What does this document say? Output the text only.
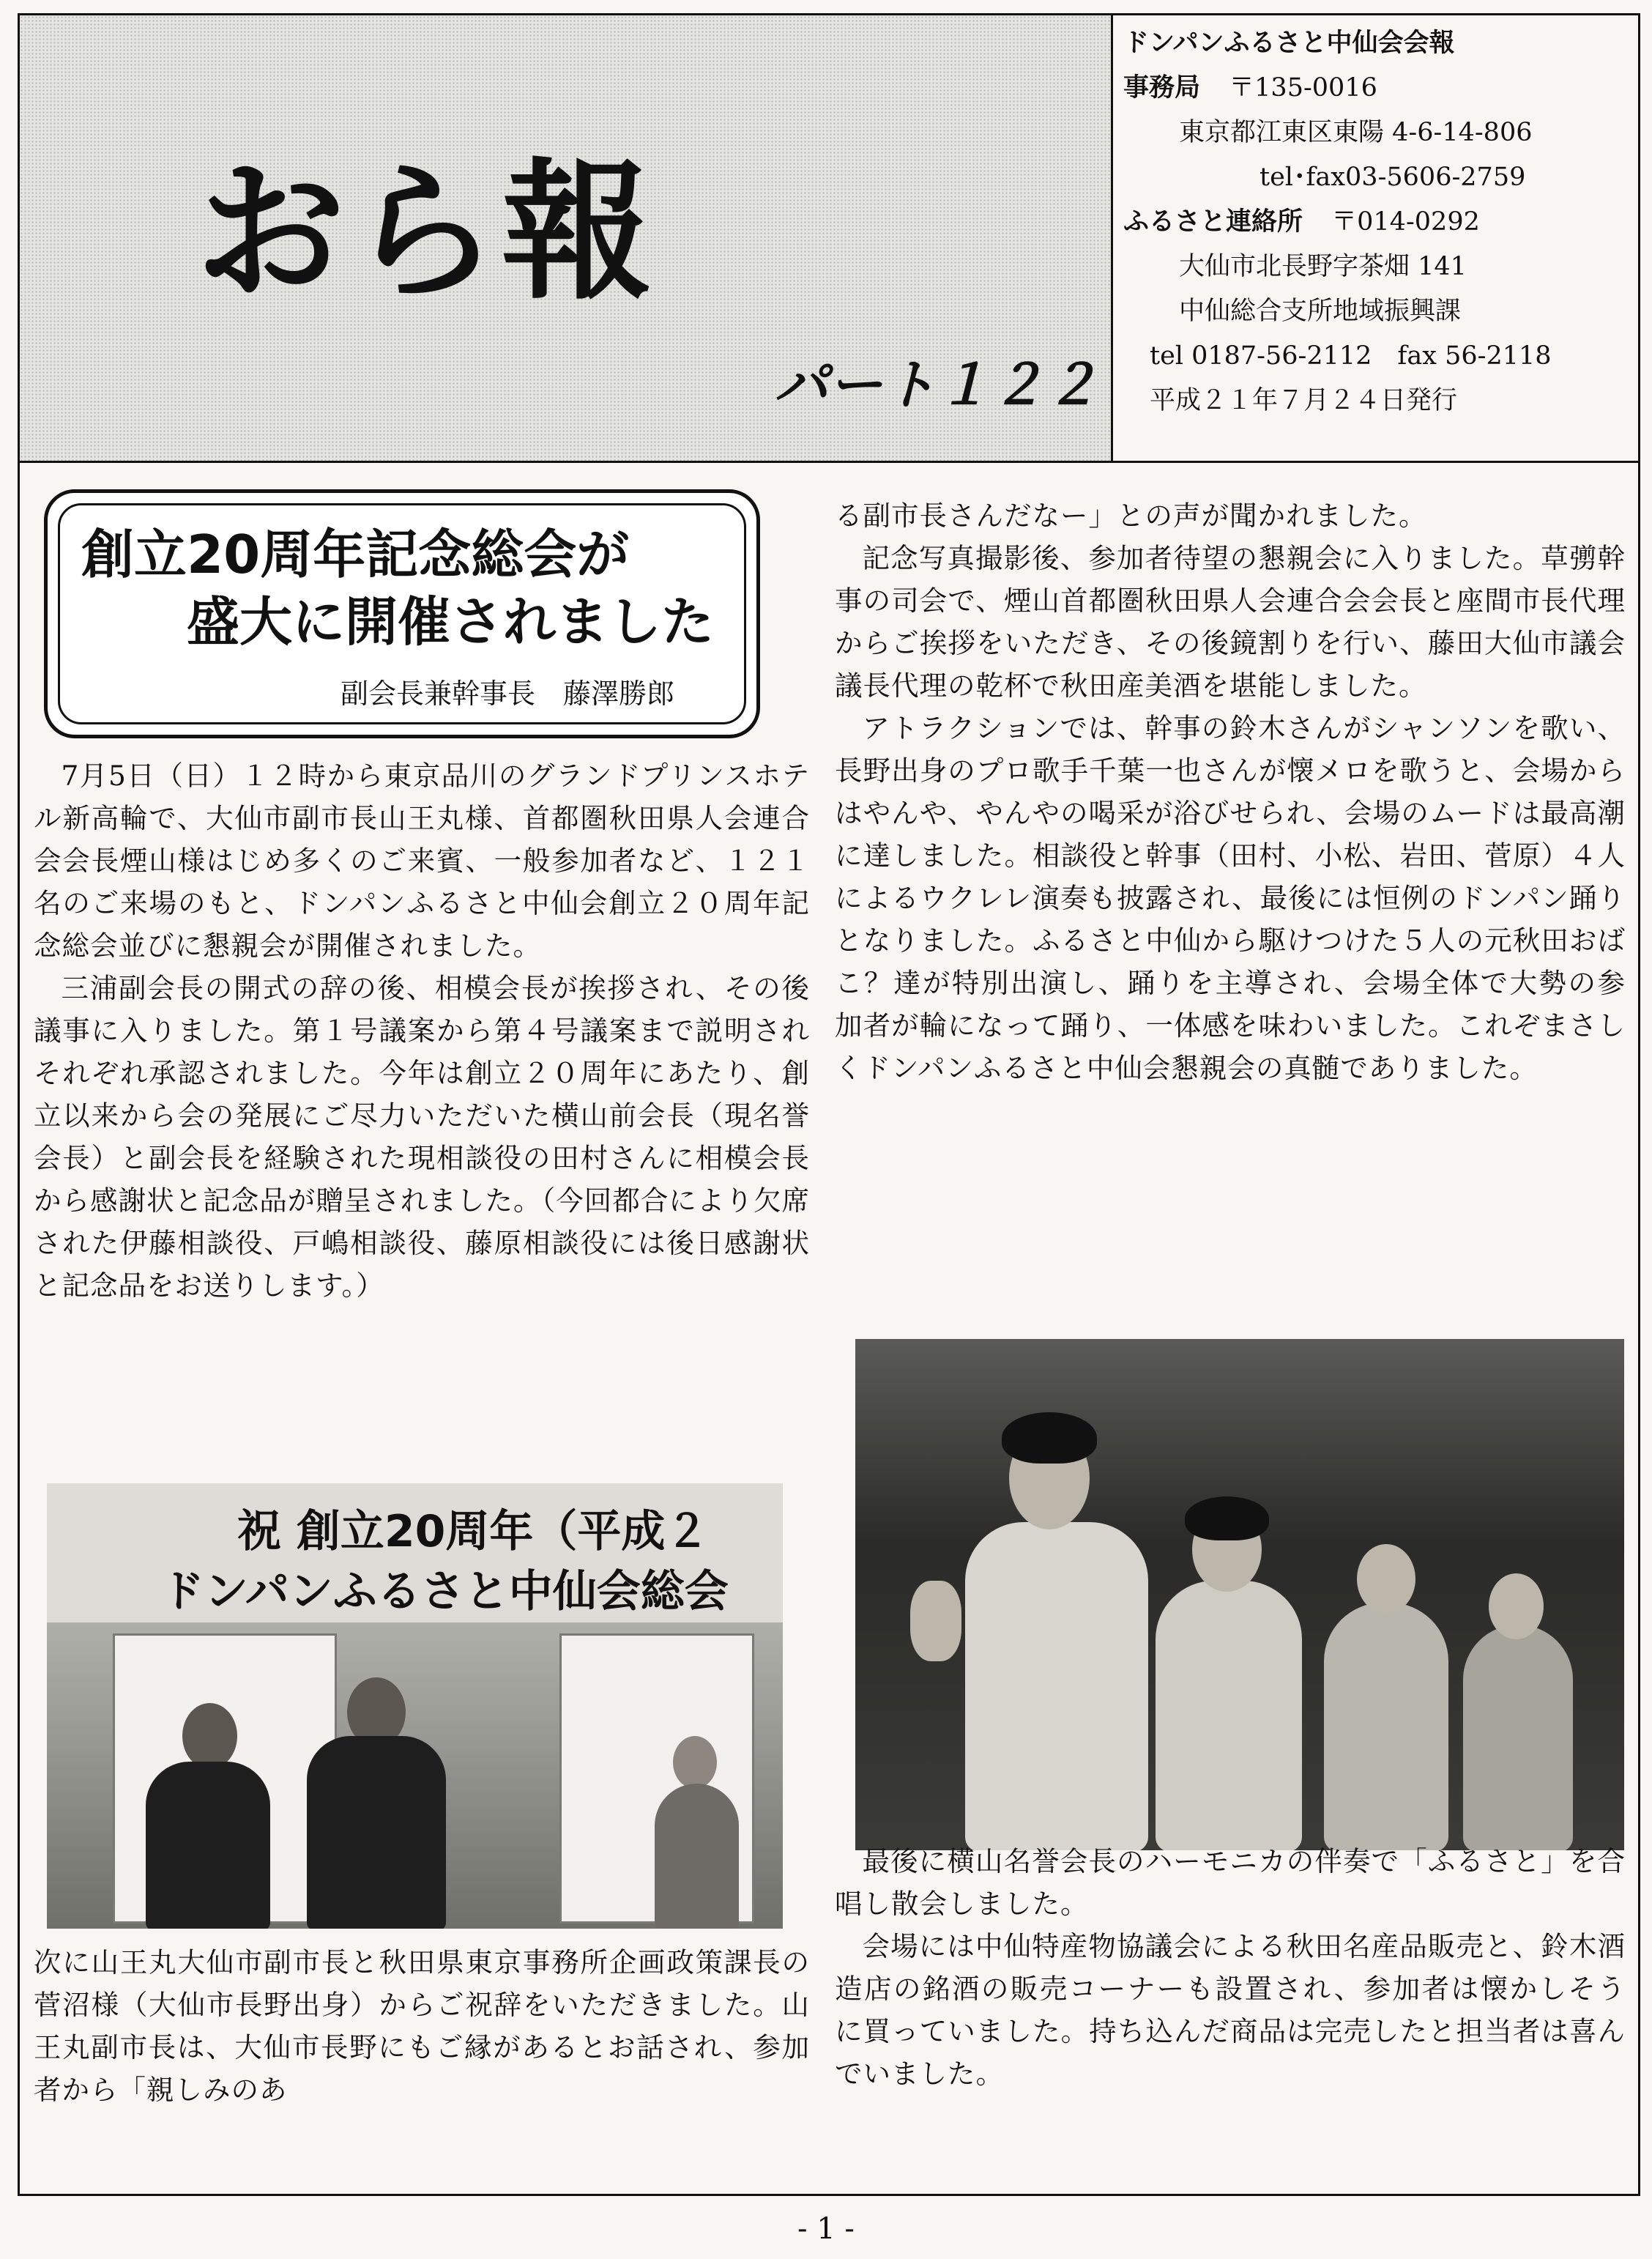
おら報
パート１２２
ドンパンふるさと中仙会会報
事務局 〒135-0016
東京都江東区東陽 4-6-14-806
tel･fax03-5606-2759
ふるさと連絡所 〒014-0292
大仙市北長野字茶畑 141
中仙総合支所地域振興課
tel 0187-56-2112　fax 56-2118
平成２１年７月２４日発行
創立20周年記念総会が
盛大に開催されました
副会長兼幹事長　藤澤勝郎

7月5日（日）１２時から東京品川のグランドプリンスホテル新高輪で、大仙市副市長山王丸様、首都圏秋田県人会連合会会長煙山様はじめ多くのご来賓、一般参加者など、１２１名のご来場のもと、ドンパンふるさと中仙会創立２０周年記念総会並びに懇親会が開催されました。

三浦副会長の開式の辞の後、相模会長が挨拶され、その後議事に入りました。第１号議案から第４号議案まで説明されそれぞれ承認されました。今年は創立２０周年にあたり、創立以来から会の発展にご尽力いただいた横山前会長（現名誉会長）と副会長を経験された現相談役の田村さんに相模会長から感謝状と記念品が贈呈されました。（今回都合により欠席された伊藤相談役、戸嶋相談役、藤原相談役には後日感謝状と記念品をお送りします。）

祝 創立20周年（平成２
ドンパンふるさと中仙会総会

次に山王丸大仙市副市長と秋田県東京事務所企画政策課長の菅沼様（大仙市長野出身）からご祝辞をいただきました。山王丸副市長は、大仙市長野にもご縁があるとお話され、参加者から「親しみのあ

る副市長さんだなー」との声が聞かれました。

記念写真撮影後、参加者待望の懇親会に入りました。草彅幹事の司会で、煙山首都圏秋田県人会連合会会長と座間市長代理からご挨拶をいただき、その後鏡割りを行い、藤田大仙市議会議長代理の乾杯で秋田産美酒を堪能しました。

アトラクションでは、幹事の鈴木さんがシャンソンを歌い、長野出身のプロ歌手千葉一也さんが懐メロを歌うと、会場からはやんや、やんやの喝采が浴びせられ、会場のムードは最高潮に達しました。相談役と幹事（田村、小松、岩田、菅原）４人によるウクレレ演奏も披露され、最後には恒例のドンパン踊りとなりました。ふるさと中仙から駆けつけた５人の元秋田おばこ？達が特別出演し、踊りを主導され、会場全体で大勢の参加者が輪になって踊り、一体感を味わいました。これぞまさしくドンパンふるさと中仙会懇親会の真髄でありました。

最後に横山名誉会長のハーモニカの伴奏で「ふるさと」を合唱し散会しました。

会場には中仙特産物協議会による秋田名産品販売と、鈴木酒造店の銘酒の販売コーナーも設置され、参加者は懐かしそうに買っていました。持ち込んだ商品は完売したと担当者は喜んでいました。

- 1 -
